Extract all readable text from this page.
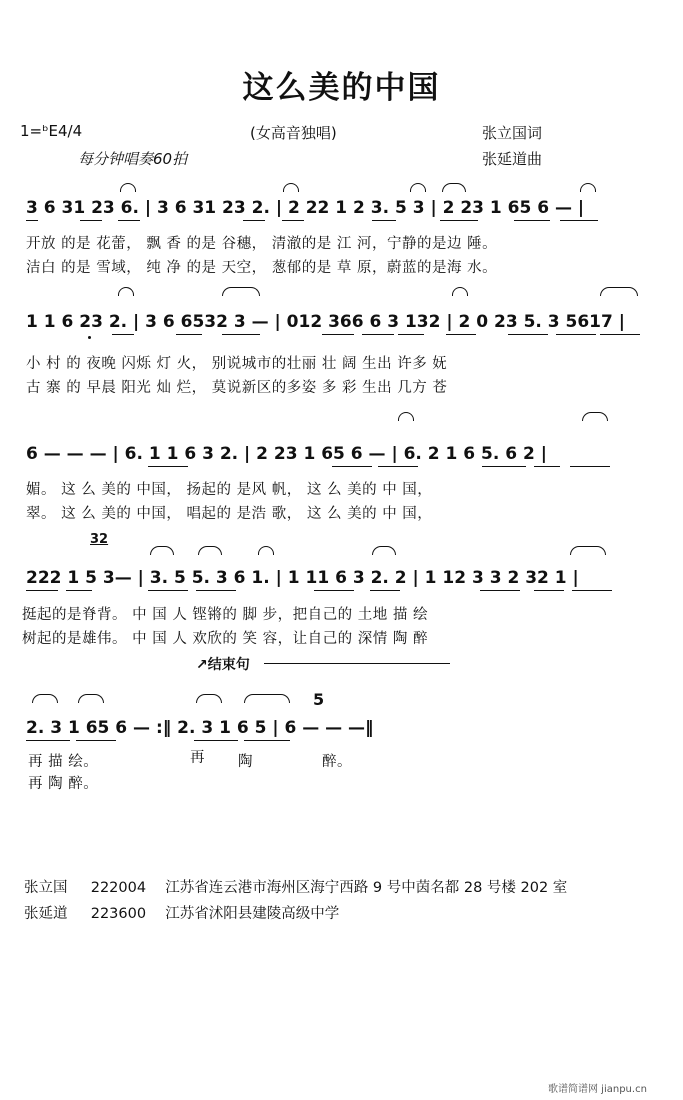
这么美的中国
1=ᵇE4/4	(女高音独唱)	张立国词
每分钟唱奏60拍	张延道曲
3 6 31 23 6. | 3 6 31 23 2. | 2 22 1 2 3. 5 3 | 2 23 1 65 6 — |
开放 的是 花蕾， 飘 香 的是 谷穗， 清澈的是 江 河，宁静的是边 陲。
洁白 的是 雪域， 纯 净 的是 天空， 葱郁的是 草 原，蔚蓝的是海 水。
1 1 6 23 2. | 3 6 6532 3 — | 012 366 6 3 132 | 2 0 23 5. 3 5617 |
小 村 的 夜晚 闪烁 灯 火， 别说城市的壮丽 壮 阔 生出 许多 妩
古 寨 的 早晨 阳光 灿 烂， 莫说新区的多姿 多 彩 生出 几方 苍
6 — — — | 6. 1 1 6 3 2. | 2 23 1 65 6 — | 6. 2 1 6 5. 6 2 |
媚。 这 么 美的 中国， 扬起的 是风 帆， 这 么 美的 中 国，
翠。 这 么 美的 中国， 唱起的 是浩 歌， 这 么 美的 中 国，
32
222 1 5 3— | 3. 5 5. 3 6 1. | 1 11 6 3 2. 2 | 1 12 3 3 2 32 1 |
挺起的是脊背。 中 国 人 铿锵的 脚 步，把自己的 土地 描 绘
树起的是雄伟。 中 国 人 欢欣的 笑 容，让自己的 深情 陶 醉
↗结束句
5
2. 3 1 65 6 — :‖ 2. 3 1 6 5 | 6 — — —‖
再 描 绘。	再 陶	醉。
再 陶 醉。
张立国 222004 江苏省连云港市海州区海宁西路 9 号中茵名都 28 号楼 202 室
张延道 223600 江苏省沭阳县建陵高级中学
歌谱简谱网 jianpu.cn
